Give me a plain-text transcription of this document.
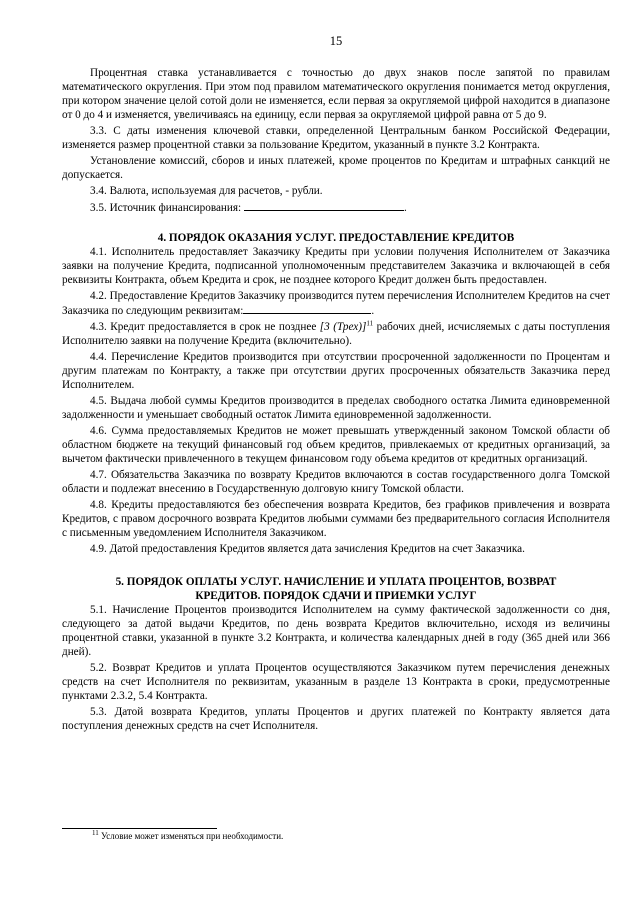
15

Процентная ставка устанавливается с точностью до двух знаков после запятой по правилам математического округления. При этом под правилом математического округления понимается метод округления, при котором значение целой сотой доли не изменяется, если первая за округляемой цифрой находится в диапазоне от 0 до 4 и изменяется, увеличиваясь на единицу, если первая за округляемой цифрой равна от 5 до 9.

3.3. С даты изменения ключевой ставки, определенной Центральным банком Российской Федерации, изменяется размер процентной ставки за пользование Кредитом, указанный в пункте 3.2 Контракта.

Установление комиссий, сборов и иных платежей, кроме процентов по Кредитам и штрафных санкций не допускается.

3.4. Валюта, используемая для расчетов, - рубли.

3.5. Источник финансирования:	.

4. ПОРЯДОК ОКАЗАНИЯ УСЛУГ. ПРЕДОСТАВЛЕНИЕ КРЕДИТОВ

4.1. Исполнитель предоставляет Заказчику Кредиты при условии получения Исполнителем от Заказчика заявки на получение Кредита, подписанной уполномоченным представителем Заказчика и включающей в себя реквизиты Контракта, объем Кредита и срок, не позднее которого Кредит должен быть предоставлен.

4.2. Предоставление Кредитов Заказчику производится путем перечисления Исполнителем Кредитов на счет Заказчика по следующим реквизитам:	.

4.3. Кредит предоставляется в срок не позднее [3 (Трех)]$^{11}$ рабочих дней, исчисляемых с даты поступления Исполнителю заявки на получение Кредита (включительно).

4.4. Перечисление Кредитов производится при отсутствии просроченной задолженности по Процентам и другим платежам по Контракту, а также при отсутствии других просроченных обязательств Заказчика перед Исполнителем.

4.5. Выдача любой суммы Кредитов производится в пределах свободного остатка Лимита единовременной задолженности и уменьшает свободный остаток Лимита единовременной задолженности.

4.6. Сумма предоставляемых Кредитов не может превышать утвержденный законом Томской области об областном бюджете на текущий финансовый год объем кредитов, привлекаемых от кредитных организаций, за вычетом фактически привлеченного в текущем финансовом году объема кредитов от кредитных организаций.

4.7. Обязательства Заказчика по возврату Кредитов включаются в состав государственного долга Томской области и подлежат внесению в Государственную долговую книгу Томской области.

4.8. Кредиты предоставляются без обеспечения возврата Кредитов, без графиков привлечения и возврата Кредитов, с правом досрочного возврата Кредитов любыми суммами без предварительного согласия Исполнителя с письменным уведомлением Исполнителя Заказчиком.

4.9. Датой предоставления Кредитов является дата зачисления Кредитов на счет Заказчика.

5. ПОРЯДОК ОПЛАТЫ УСЛУГ. НАЧИСЛЕНИЕ И УПЛАТА ПРОЦЕНТОВ, ВОЗВРАТ

КРЕДИТОВ. ПОРЯДОК СДАЧИ И ПРИЕМКИ УСЛУГ

5.1. Начисление Процентов производится Исполнителем на сумму фактической задолженности со дня, следующего за датой выдачи Кредитов, по день возврата Кредитов включительно, исходя из величины процентной ставки, указанной в пункте 3.2 Контракта, и количества календарных дней в году (365 дней или 366 дней).

5.2. Возврат Кредитов и уплата Процентов осуществляются Заказчиком путем перечисления денежных средств на счет Исполнителя по реквизитам, указанным в разделе 13 Контракта в сроки, предусмотренные пунктами 2.3.2, 5.4 Контракта.

5.3. Датой возврата Кредитов, уплаты Процентов и других платежей по Контракту является дата поступления денежных средств на счет Исполнителя.

$^{11}$ Условие может изменяться при необходимости.
